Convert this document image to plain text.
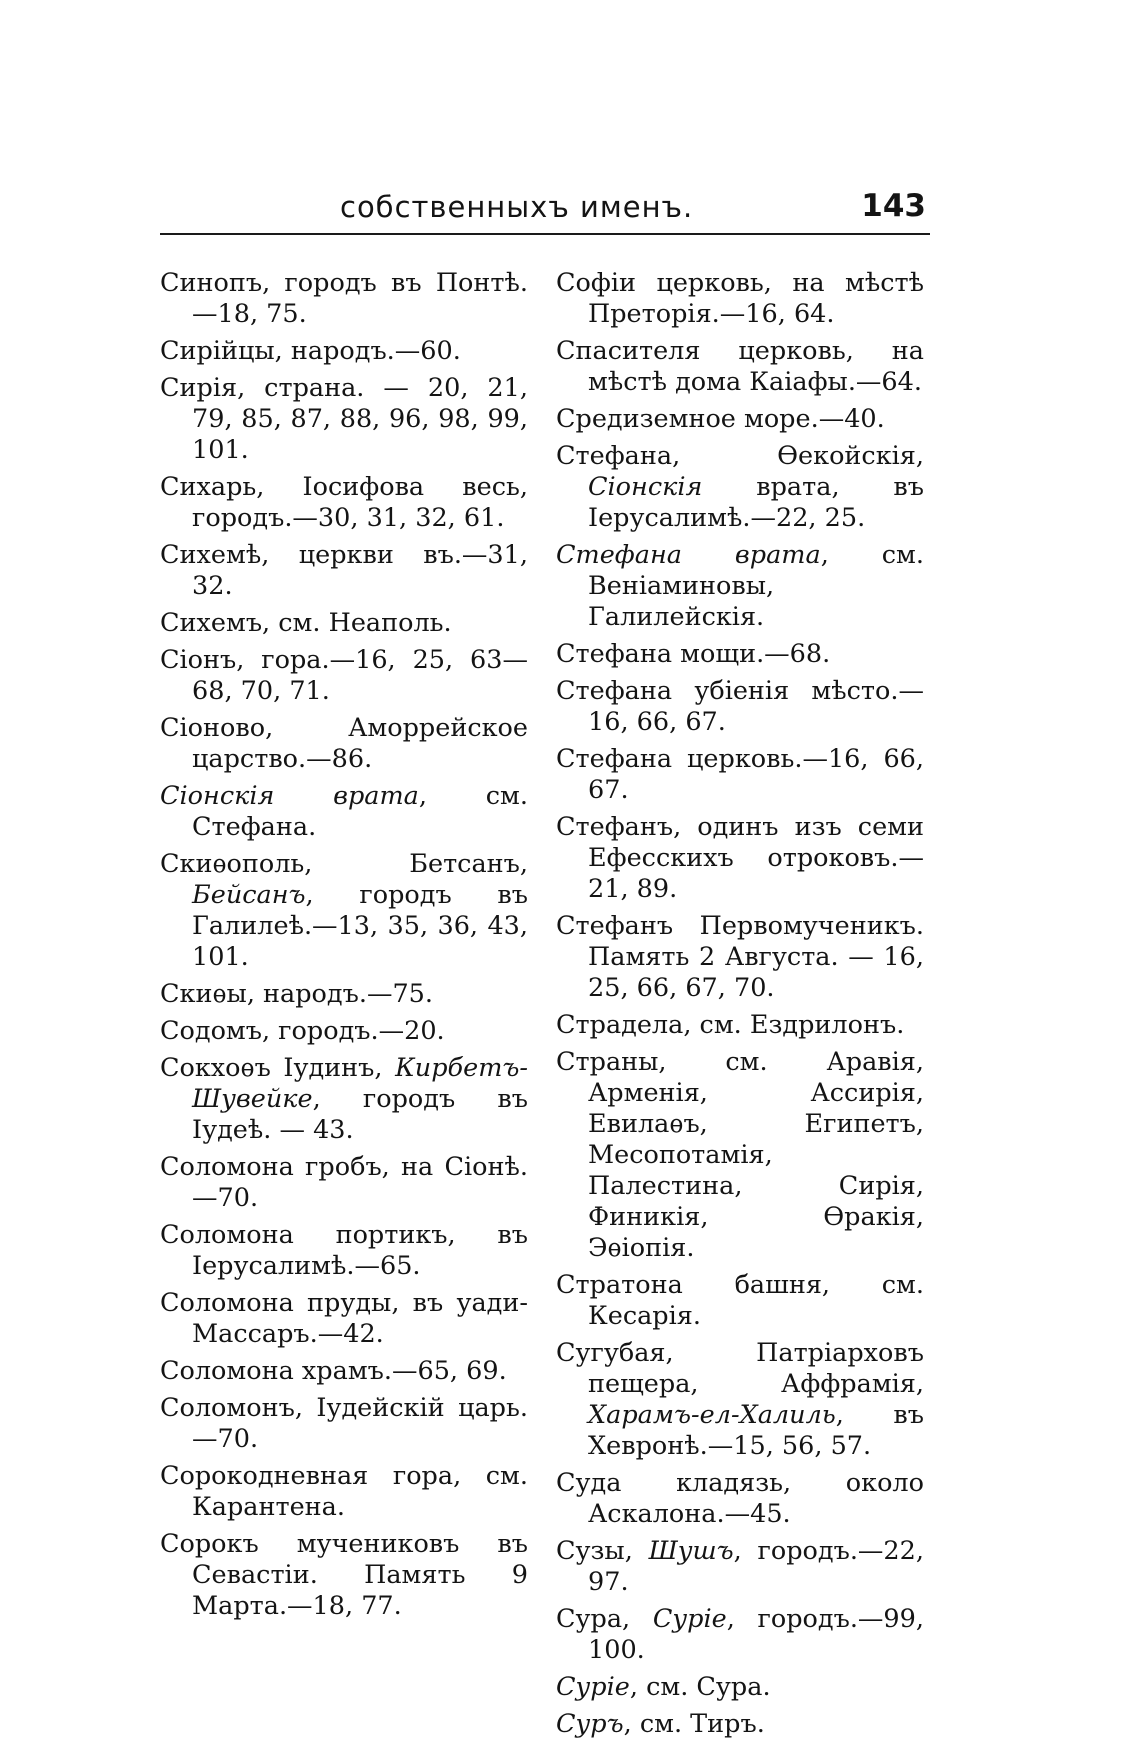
собственныхъ именъ.	143
Синопъ, городъ въ Понтѣ.—18, 75.
Сирійцы, народъ.—60.
Сирія, страна. — 20, 21, 79, 85, 87, 88, 96, 98, 99, 101.
Сихарь, Іосифова весь, городъ.—30, 31, 32, 61.
Сихемѣ, церкви въ.—31, 32.
Сихемъ, см. Неаполь.
Сіонъ, гора.—16, 25, 63—68, 70, 71.
Сіоново, Аморрейское царство.—86.
Сіонскія врата, см. Стефана.
Скиѳополь, Бетсанъ, Бейсанъ, городъ въ Галилеѣ.—13, 35, 36, 43, 101.
Скиѳы, народъ.—75.
Содомъ, городъ.—20.
Сокхоѳъ Іудинъ, Кирбетъ-Шувейке, городъ въ Іудеѣ. — 43.
Соломона гробъ, на Сіонѣ.—70.
Соломона портикъ, въ Іерусалимѣ.—65.
Соломона пруды, въ уади-Массаръ.—42.
Соломона храмъ.—65, 69.
Соломонъ, Іудейскій царь.—70.
Сорокодневная гора, см. Карантена.
Сорокъ мучениковъ въ Севастіи. Память 9 Марта.—18, 77.
Софіи церковь, на мѣстѣ Преторія.—16, 64.
Спасителя церковь, на мѣстѣ дома Каіафы.—64.
Средиземное море.—40.
Стефана, Ѳекойскія, Сіонскія врата, въ Іерусалимѣ.—22, 25.
Стефана врата, см. Веніаминовы, Галилейскія.
Стефана мощи.—68.
Стефана убіенія мѣсто.—16, 66, 67.
Стефана церковь.—16, 66, 67.
Стефанъ, одинъ изъ семи Ефесскихъ отроковъ.—21, 89.
Стефанъ Первомученикъ. Память 2 Августа. — 16, 25, 66, 67, 70.
Страдела, см. Ездрилонъ.
Страны, см. Аравія, Арменія, Ассирія, Евилаѳъ, Египетъ, Месопотамія, Палестина, Сирія, Финикія, Ѳракія, Эѳіопія.
Стратона башня, см. Кесарія.
Сугубая, Патріарховъ пещера, Аффрамія, Харамъ-ел-Халиль, въ Хевронѣ.—15, 56, 57.
Суда кладязь, около Аскалона.—45.
Сузы, Шушъ, городъ.—22, 97.
Сура, Суріе, городъ.—99, 100.
Суріе, см. Сура.
Суръ, см. Тиръ.
